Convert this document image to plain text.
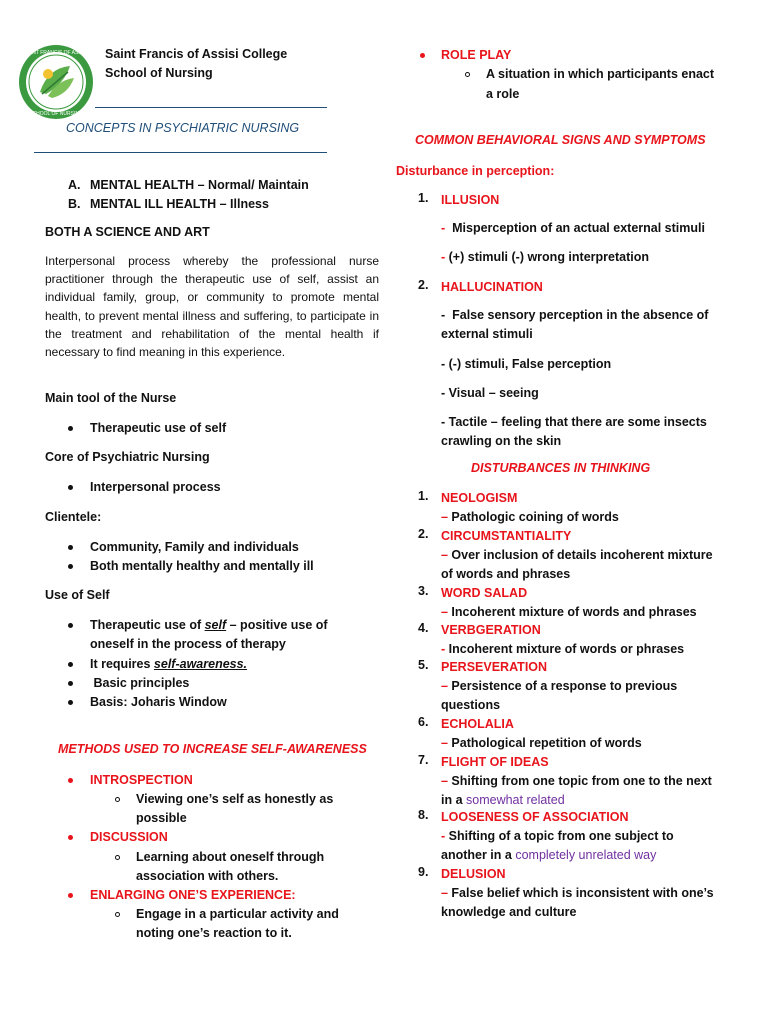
SAINT FRANCIS OF ASSISI
SCHOOL OF NURSING
Saint Francis of Assisi College
School of Nursing
CONCEPTS IN PSYCHIATRIC NURSING
A. MENTAL HEALTH – Normal/ Maintain
B. MENTAL ILL HEALTH – Illness
BOTH A SCIENCE AND ART
Interpersonal process whereby the professional nurse practitioner through the therapeutic use of self, assist an individual family, group, or community to promote mental health, to prevent mental illness and suffering, to participate in the treatment and rehabilitation of the mental health if necessary to find meaning in this experience.
Main tool of the Nurse
Therapeutic use of self
Core of Psychiatric Nursing
Interpersonal process
Clientele:
Community, Family and individuals
Both mentally healthy and mentally ill
Use of Self
Therapeutic use of self – positive use of
oneself in the process of therapy
It requires self-awareness.
Basic principles
Basis: Joharis Window
METHODS USED TO INCREASE SELF-AWARENESS
INTROSPECTION
Viewing one’s self as honestly as
possible
DISCUSSION
Learning about oneself through
association with others.
ENLARGING ONE’S EXPERIENCE:
Engage in a particular activity and
noting one’s reaction to it.
ROLE PLAY
A situation in which participants enact
a role
COMMON BEHAVIORAL SIGNS AND SYMPTOMS
Disturbance in perception:
1. ILLUSION
-  Misperception of an actual external stimuli
- (+) stimuli (-) wrong interpretation
2. HALLUCINATION
-  False sensory perception in the absence of
external stimuli
- (-) stimuli, False perception
- Visual – seeing
- Tactile – feeling that there are some insects
crawling on the skin
DISTURBANCES IN THINKING
1. NEOLOGISM
– Pathologic coining of words
2. CIRCUMSTANTIALITY
– Over inclusion of details incoherent mixture
of words and phrases
3. WORD SALAD
– Incoherent mixture of words and phrases
4. VERBGERATION
- Incoherent mixture of words or phrases
5. PERSEVERATION
– Persistence of a response to previous
questions
6. ECHOLALIA
– Pathological repetition of words
7. FLIGHT OF IDEAS
– Shifting from one topic from one to the next
in a somewhat related
8. LOOSENESS OF ASSOCIATION
- Shifting of a topic from one subject to
another in a completely unrelated way
9. DELUSION
– False belief which is inconsistent with one’s
knowledge and culture
